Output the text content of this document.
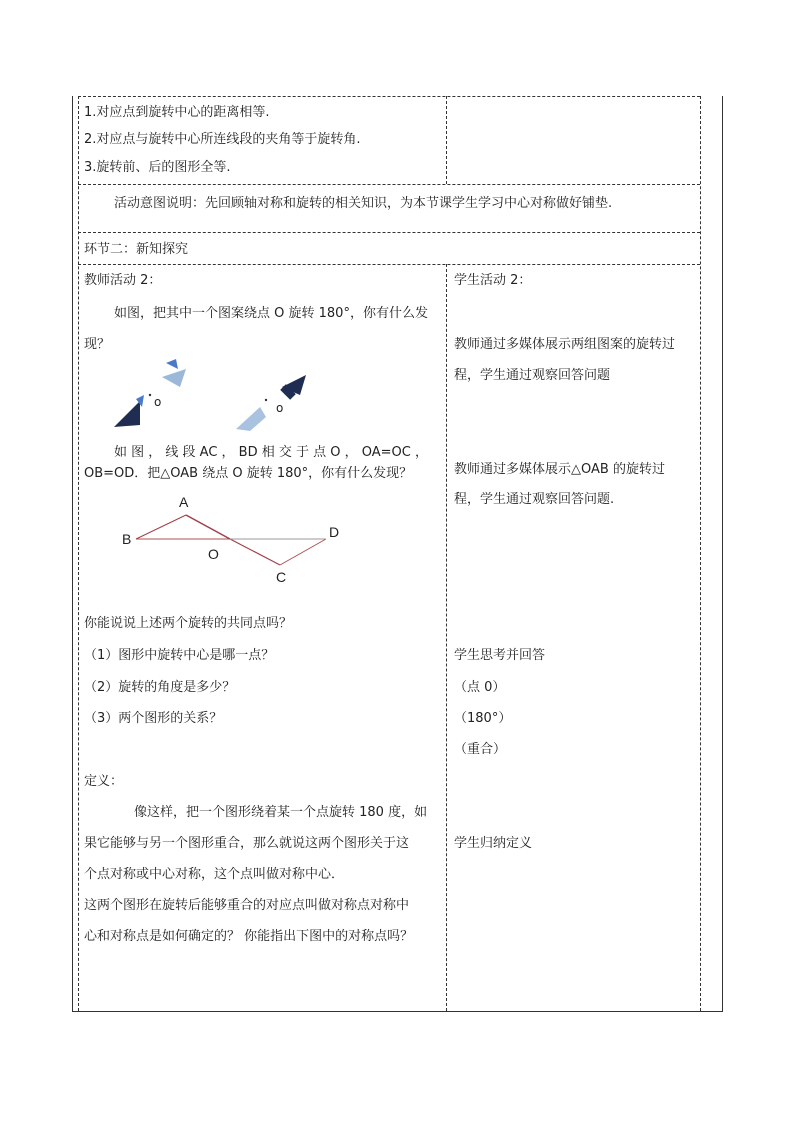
1.对应点到旋转中心的距离相等.
2.对应点与旋转中心所连线段的夹角等于旋转角.
3.旋转前、后的图形全等.
活动意图说明：先回顾轴对称和旋转的相关知识，为本节课学生学习中心对称做好铺垫.
环节二：新知探究
教师活动 2：
如图，把其中一个图案绕点 O 旋转 180°，你有什么发
现？
o	o
如 图 ， 线 段 AC ， BD 相 交 于 点 O ， OA=OC ，
OB=OD．把△OAB 绕点 O 旋转 180°，你有什么发现？
A
B
O
D
C
你能说说上述两个旋转的共同点吗？
（1）图形中旋转中心是哪一点？
（2）旋转的角度是多少？
（3）两个图形的关系？
定义：
像这样，把一个图形绕着某一个点旋转 180 度，如
果它能够与另一个图形重合，那么就说这两个图形关于这
个点对称或中心对称，这个点叫做对称中心．
这两个图形在旋转后能够重合的对应点叫做对称点对称中
心和对称点是如何确定的？ 你能指出下图中的对称点吗？
学生活动 2：
教师通过多媒体展示两组图案的旋转过
程，学生通过观察回答问题
教师通过多媒体展示△OAB 的旋转过
程，学生通过观察回答问题.
学生思考并回答
（点 0）
（180°）
（重合）
学生归纳定义
